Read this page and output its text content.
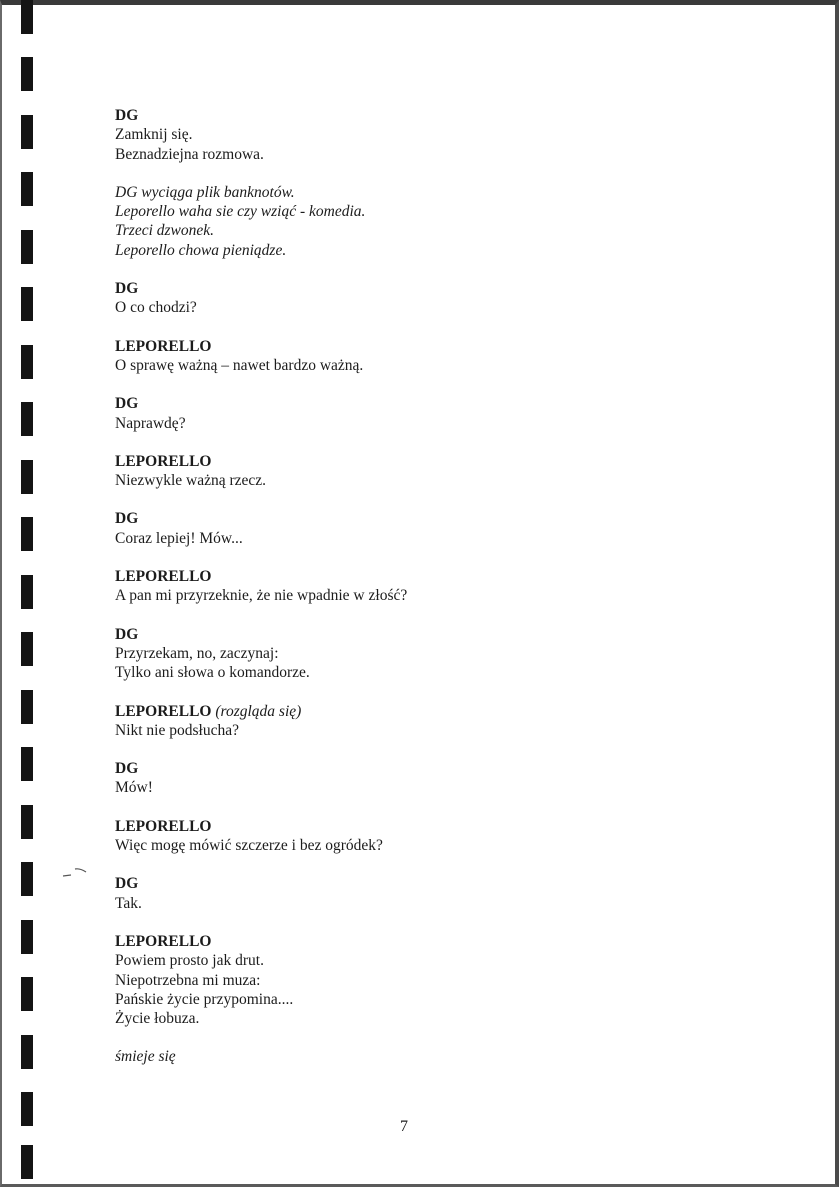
DG
Zamknij się.
Beznadziejna rozmowa.
DG wyciąga plik banknotów.
Leporello waha sie czy wziąć - komedia.
Trzeci dzwonek.
Leporello chowa pieniądze.
DG
O co chodzi?
LEPORELLO
O sprawę ważną – nawet bardzo ważną.
DG
Naprawdę?
LEPORELLO
Niezwykle ważną rzecz.
DG
Coraz lepiej! Mów...
LEPORELLO
A pan mi przyrzeknie, że nie wpadnie w złość?
DG
Przyrzekam, no, zaczynaj:
Tylko ani słowa o komandorze.
LEPORELLO (rozgląda się)
Nikt nie podsłucha?
DG
Mów!
LEPORELLO
Więc mogę mówić szczerze i bez ogródek?
DG
Tak.
LEPORELLO
Powiem prosto jak drut.
Niepotrzebna mi muza:
Pańskie życie przypomina....
Życie łobuza.
śmieje się
7
